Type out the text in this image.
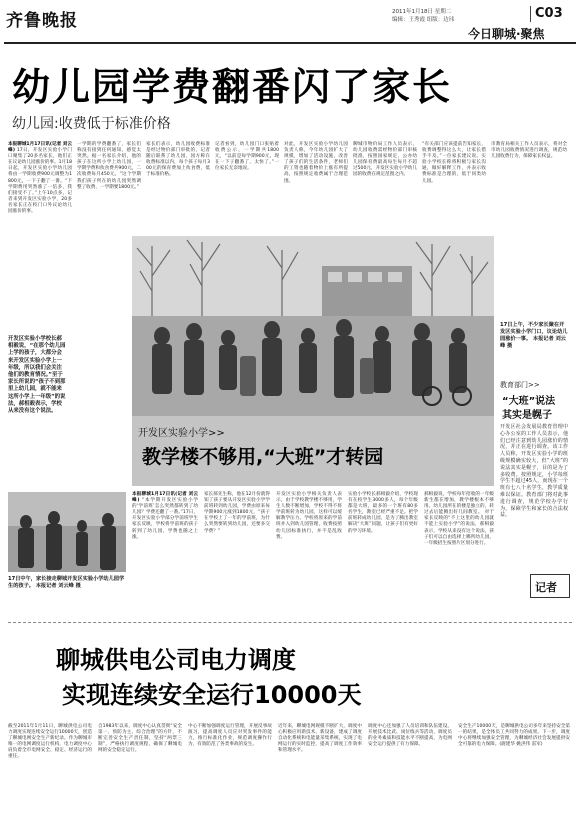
齐鲁晚报	2011年1月18日 星期二
编辑：王秀霞 组版：边玮	C03
今日聊城·聚焦
幼儿园学费翻番闪了家长
幼儿园:收费低于标准价格
本报聊城1月17日讯(记者 刘云峰) 17日，开发区实验小学门口聚集了20多名家长，他们正在议论幼儿园涨价的事。1月18日起，开发区实验小学幼儿园将由一学期收费900元调整为1800元，一下子翻了一番。“下学期费用突然涨了一倍多，我们接受不了。”上午10点多，记者来到开发区实验小学，20多名家长正在校门口外议论幼儿园涨价的事。
一学期的学费翻番了，家长们称没有接到任何通知，感觉太突然。据一名家长介绍，他的孩子在这所小学上幼儿园，一学期学费和伙食费共900元，二次收费每月450元。“这个学期我们孩子所在的幼儿园突然调整了收费，一学期要1800元。”
家长们表示，幼儿园收费标准是经过物价部门审批的，记者随后联系了幼儿园，园方称在收费标准以内，每个孩子每月300元的保育费加上伙食费，低于标准价格。
记者看到，幼儿园门口张贴着收费公示，一学期共1800元，“以前是每学期900元，现在一下子翻番了，太快了。”一位家长无奈地说。
对此，开发区实验小学幼儿园负责人称，今年幼儿园扩大了规模，增加了活动设施，改善了孩子们的生活条件，老师们的工资也随着物价上涨有所提高，按照规定收费属于合理范围。
聊城市物价局工作人员表示，幼儿园收费需经物价部门审核批准，按照国家规定，公办幼儿园保育费最高每生每月不超过500元，开发区实验小学幼儿园的收费在规定范围之内。
“有关部门应该提前告知家长，收费调整得这么大，让家长措手不及。”一位家长建议说。实验小学校长称将积极与家长沟通，做好解释工作，并表示收费标准是合理的，低于同类幼儿园。
市教育局相关工作人员表示，将对全市幼儿园收费情况进行调查，规范幼儿园收费行为，保障家长权益。
开发区实验小学校长郝相毅说，“在那个幼儿园上学的孩子，大都分会来开发区实验小学上一年级，所以我们会关注他们的教育情况。”至于家长所说的“孩子不到那里上幼儿园，就不能来这所小学上一年级”的说法，郝相毅表示，学校从来没有这个说法。
17日上午，不少家长聚在开发区实验小学门口，议论幼儿园涨价一事。 本报记者 刘云峰 摄
教育部门>>
“大班”说法
其实是幌子
开发区社会发展局教育管理中心办公室的工作人员表示，他们已经注意到幼儿园涨价的情况，并正在进行调查。该工作人员称，开发区实验小学的班级规模确实较大，但“大班”的说法其实是幌子，目的是为了多收费。按照规定，小学每班学生不超过45人，而现在一个班有七八十名学生，教学质量难以保证。教育部门将对此事进行调查，规范学校办学行为，保障学生和家长的合法权益。
记者
开发区实验小学>>
教学楼不够用,“大班”才转园
17日中午，家长接走聊城开发区实验小学幼儿园学生的孩子。 本报记者 刘云峰 摄
本报聊城1月17日讯(记者 刘云峰) “本学期开发区实验小学的‘学前班’怎么突然都转到了幼儿园？学费还翻了一番。”17日，开发区实验小学部分学前班学生家长反映，学校将学前班的孩子转到了幼儿园，学费也随之上涨。
家长郝先生称，他在12月份就得知了孩子要从开发区实验小学学前班转到幼儿园，学费由原来每学期900元涨到1800元，“孩子在学校上了一年的学前班，为什么突然要转到幼儿园，还要多交学费？”
开发区实验小学相关负责人表示，由于学校教学楼不够用，学生人数不断增加，学校不得不将学前班转为幼儿园，这样可以缓解教学压力。学校将原来的学前班并入到幼儿园管理，收费按照幼儿园标准执行，并不是乱收费。
实验小学校长郝相毅介绍，学校现有在校学生3000多人，每个年级都是大班，最多的一个班有80多名学生，教室已经严重不足。把学前班转成幼儿园，是为了腾出教室解决“大班”问题，让孩子们有更好的学习环境。
郝相毅说，学校每年招收的一年级新生都在增加，教学楼根本不够用。幼儿园所在的楼是独立的，转过去后能腾出好几间教室。 对于家长反映的“不上这里的幼儿园就不能上实验小学”的说法，郝相毅表示，学校从来没有这个说法，孩子们可以自由选择上哪所幼儿园，一年级招生按照片区划分进行。
聊城供电公司电力调度
实现连续安全运行10000天
截至2011年1月11日，聊城供电公司电力调度实现连续安全运行10000天，创造了聊城电网安全生产新纪录。作为聊城市唯一的电网调度运行机构，电力调度中心肩负着全市电网安全、稳定、经济运行的重任。
自1983年以来，调度中心认真贯彻“安全第一、预防为主、综合治理”的方针，不断完善安全生产责任制，坚持“两票三制”，严格执行调度规程，确保了聊城电网的安全稳定运行。
中心不断加强调度运行管理，开展反事故演习，提高调度人员应对突发事件的能力，推行标准化作业，规范调度操作行为，有效防范了各类事故的发生。
近年来，聊城电网规模不断扩大，调度中心积极应用新技术、新设备，建成了调度自动化系统和电能量采集系统，实现了电网运行的实时监控，提高了调度工作效率和管理水平。
调度中心还加强了人员培训和队伍建设，开展技术比武、岗位练兵等活动，调度员的业务素质和技能水平不断提高，为电网安全运行提供了有力保障。
安全生产10000天，是聊城供电公司多年来坚持安全第一的结果，是全体员工共同努力的成果。下一步，调度中心将继续加强安全管理，为聊城经济社会发展提供安全可靠的电力保障。(鹿建华 姚洪伟 雷军)
